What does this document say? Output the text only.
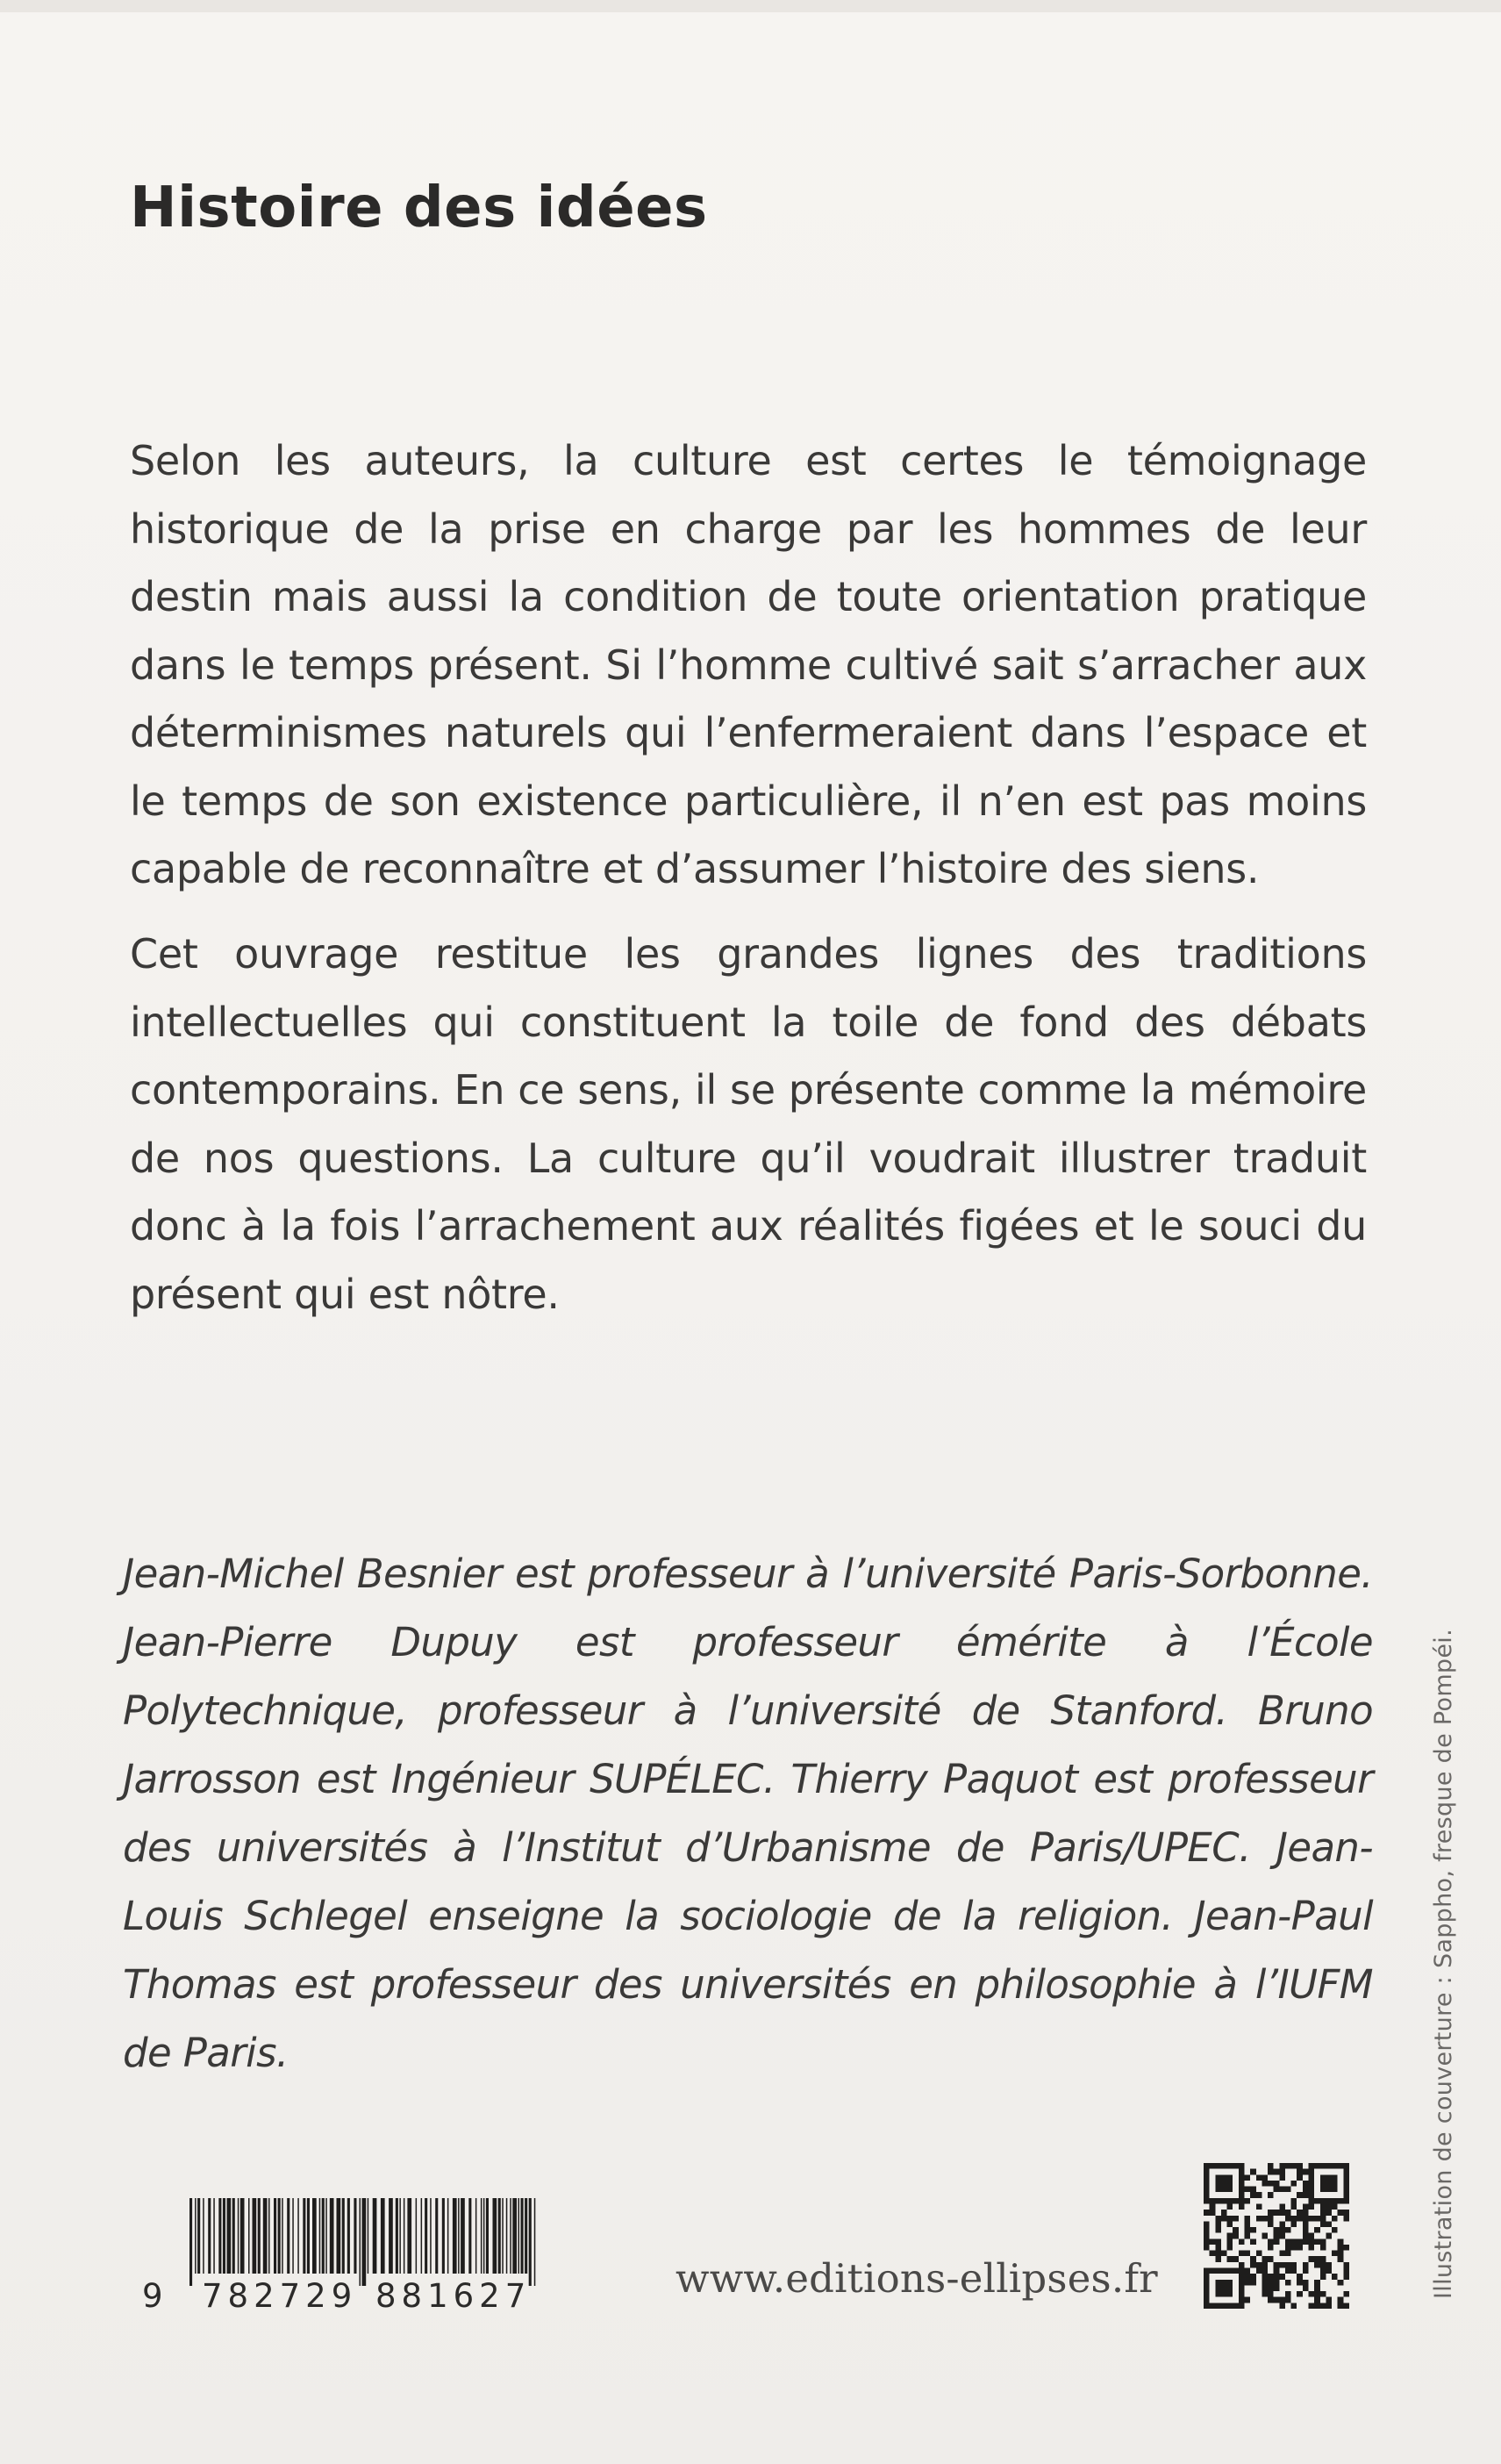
Histoire des idées

Selon les auteurs, la culture est certes le témoignage historique de la prise en charge par les hommes de leur destin mais aussi la condition de toute orientation pratique dans le temps présent. Si l’homme cultivé sait s’arracher aux déterminismes naturels qui l’enfermeraient dans l’espace et le temps de son existence particulière, il n’en est pas moins capable de reconnaître et d’assumer l’histoire des siens.

Cet ouvrage restitue les grandes lignes des traditions intellectuelles qui constituent la toile de fond des débats contemporains. En ce sens, il se présente comme la mémoire de nos questions. La culture qu’il voudrait illustrer traduit donc à la fois l’arrachement aux réalités figées et le souci du présent qui est nôtre.

Jean-Michel Besnier est professeur à l’université Paris-Sorbonne. Jean-Pierre Dupuy est professeur émérite à l’École Polytechnique, professeur à l’université de Stanford. Bruno Jarrosson est Ingénieur SUPÉLEC. Thierry Paquot est professeur des universités à l’Institut d’Urbanisme de Paris/UPEC. Jean-Louis Schlegel enseigne la sociologie de la religion. Jean-Paul Thomas est professeur des universités en philosophie à l’IUFM de Paris.	Illustration de couverture : Sappho, fresque de Pompéi.
9 782729 881627	www.editions-ellipses.fr
